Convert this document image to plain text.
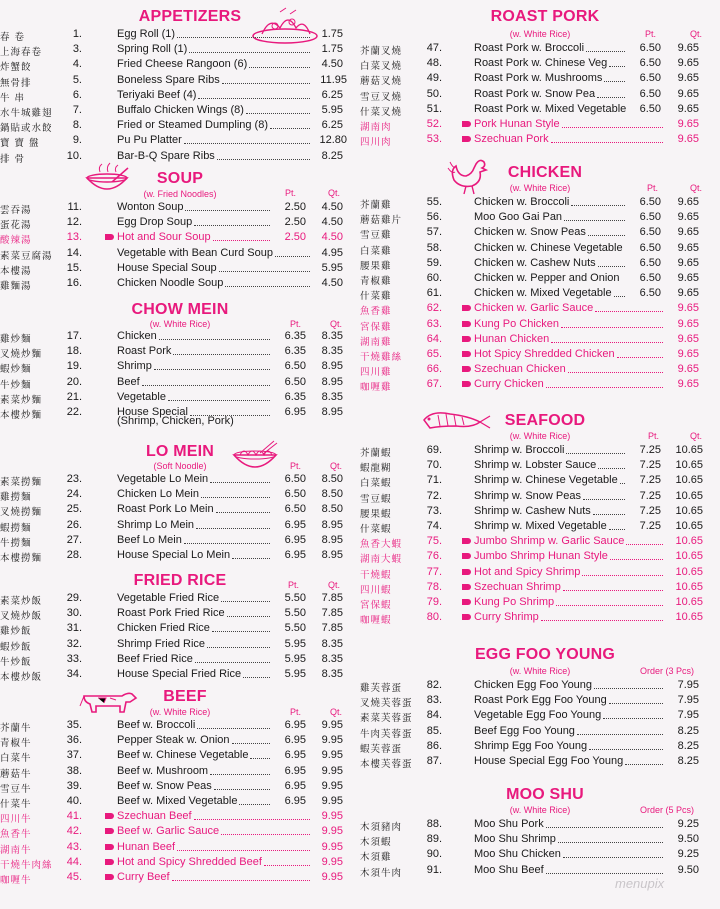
APPETIZERS
春 卷	1.	Egg Roll (1)	1.75
上海春卷	3.	Spring Roll (1)	1.75
炸蟹餃	4.	Fried Cheese Rangoon (6)	4.50
無骨排	5.	Boneless Spare Ribs	11.95
牛 串	6.	Teriyaki Beef (4)	6.25
水牛城雞翅	7.	Buffalo Chicken Wings (8)	5.95
鍋貼或水餃	8.	Fried or Steamed Dumpling (8)	6.25
寶 寶 盤	9.	Pu Pu Platter	12.80
排 骨	10.	Bar-B-Q Spare Ribs	8.25
SOUP
(w. Fried Noodles)	Pt.	Qt.
雲吞湯	11.	Wonton Soup	2.50	4.50
蛋花湯	12.	Egg Drop Soup	2.50	4.50
酸辣湯	13.	Hot and Sour Soup	2.50	4.50
素菜豆腐湯	14.	Vegetable with Bean Curd Soup	4.95
本樓湯	15.	House Special Soup	5.95
雞麵湯	16.	Chicken Noodle Soup	4.50
CHOW MEIN
(w. White Rice)	Pt.	Qt.
雞炒麵	17.	Chicken	6.35	8.35
叉燒炒麵	18.	Roast Pork	6.35	8.35
蝦炒麵	19.	Shrimp	6.50	8.95
牛炒麵	20.	Beef	6.50	8.95
素菜炒麵	21.	Vegetable	6.35	8.35
本樓炒麵	22.	House Special	6.95	8.95
(Shrimp, Chicken, Pork)
LO MEIN
(Soft Noodle)	Pt.	Qt.
素菜撈麵	23.	Vegetable Lo Mein	6.50	8.50
雞撈麵	24.	Chicken Lo Mein	6.50	8.50
叉燒撈麵	25.	Roast Pork Lo Mein	6.50	8.50
蝦撈麵	26.	Shrimp Lo Mein	6.95	8.95
牛撈麵	27.	Beef Lo Mein	6.95	8.95
本樓撈麵	28.	House Special Lo Mein	6.95	8.95
FRIED RICE	Pt.	Qt.
素菜炒飯	29.	Vegetable Fried Rice	5.50	7.85
叉燒炒飯	30.	Roast Pork Fried Rice	5.50	7.85
雞炒飯	31.	Chicken Fried Rice	5.50	7.85
蝦炒飯	32.	Shrimp Fried Rice	5.95	8.35
牛炒飯	33.	Beef Fried Rice	5.95	8.35
本樓炒飯	34.	House Special Fried Rice	5.95	8.35
BEEF
(w. White Rice)	Pt.	Qt.
芥蘭牛	35.	Beef w. Broccoli	6.95	9.95
青椒牛	36.	Pepper Steak w. Onion	6.95	9.95
白菜牛	37.	Beef w. Chinese Vegetable	6.95	9.95
蘑菇牛	38.	Beef w. Mushroom	6.95	9.95
雪豆牛	39.	Beef w. Snow Peas	6.95	9.95
什菜牛	40.	Beef w. Mixed Vegetable	6.95	9.95
四川牛	41.	Szechuan Beef	9.95
魚香牛	42.	Beef w. Garlic Sauce	9.95
湖南牛	43.	Hunan Beef	9.95
干燒牛肉絲	44.	Hot and Spicy Shredded Beef	9.95
咖喱牛	45.	Curry Beef	9.95
ROAST PORK
(w. White Rice)	Pt.	Qt.
芥蘭叉燒	47.	Roast Pork w. Broccoli	6.50	9.65
白菜叉燒	48.	Roast Pork w. Chinese Veg	6.50	9.65
蘑菇叉燒	49.	Roast Pork w. Mushrooms	6.50	9.65
雪豆叉燒	50.	Roast Pork w. Snow Pea	6.50	9.65
什菜叉燒	51.	Roast Pork w. Mixed Vegetable	6.50	9.65
湖南肉	52.	Pork Hunan Style	9.65
四川肉	53.	Szechuan Pork	9.65
CHICKEN
(w. White Rice)	Pt.	Qt.
芥蘭雞	55.	Chicken w. Broccoli	6.50	9.65
蘑菇雞片	56.	Moo Goo Gai Pan	6.50	9.65
雪豆雞	57.	Chicken w. Snow Peas	6.50	9.65
白菜雞	58.	Chicken w. Chinese Vegetable	6.50	9.65
腰果雞	59.	Chicken w. Cashew Nuts	6.50	9.65
青椒雞	60.	Chicken w. Pepper and Onion	6.50	9.65
什菜雞	61.	Chicken w. Mixed Vegetable	6.50	9.65
魚香雞	62.	Chicken w. Garlic Sauce	9.65
宮保雞	63.	Kung Po Chicken	9.65
湖南雞	64.	Hunan Chicken	9.65
干燒雞絲	65.	Hot Spicy Shredded Chicken	9.65
四川雞	66.	Szechuan Chicken	9.65
咖喱雞	67.	Curry Chicken	9.65
SEAFOOD
(w. White Rice)	Pt.	Qt.
芥蘭蝦	69.	Shrimp w. Broccoli	7.25	10.65
蝦龍糊	70.	Shrimp w. Lobster Sauce	7.25	10.65
白菜蝦	71.	Shrimp w. Chinese Vegetable	7.25	10.65
雪豆蝦	72.	Shrimp w. Snow Peas	7.25	10.65
腰果蝦	73.	Shrimp w. Cashew Nuts	7.25	10.65
什菜蝦	74.	Shrimp w. Mixed Vegetable	7.25	10.65
魚香大蝦	75.	Jumbo Shrimp w. Garlic Sauce	10.65
湖南大蝦	76.	Jumbo Shrimp Hunan Style	10.65
干燒蝦	77.	Hot and Spicy Shrimp	10.65
四川蝦	78.	Szechuan Shrimp	10.65
宮保蝦	79.	Kung Po Shrimp	10.65
咖喱蝦	80.	Curry Shrimp	10.65
EGG FOO YOUNG
(w. White Rice)	Order (3 Pcs)
雞芙蓉蛋	82.	Chicken Egg Foo Young	7.95
叉燒芙蓉蛋	83.	Roast Pork Egg Foo Young	7.95
素菜芙蓉蛋	84.	Vegetable Egg Foo Young	7.95
牛肉芙蓉蛋	85.	Beef Egg Foo Young	8.25
蝦芙蓉蛋	86.	Shrimp Egg Foo Young	8.25
本樓芙蓉蛋	87.	House Special Egg Foo Young	8.25
MOO SHU
(w. White Rice)	Order (5 Pcs)
木須豬肉	88.	Moo Shu Pork	9.25
木須蝦	89.	Moo Shu Shrimp	9.50
木須雞	90.	Moo Shu Chicken	9.25
木須牛肉	91.	Moo Shu Beef	9.50
menupix
